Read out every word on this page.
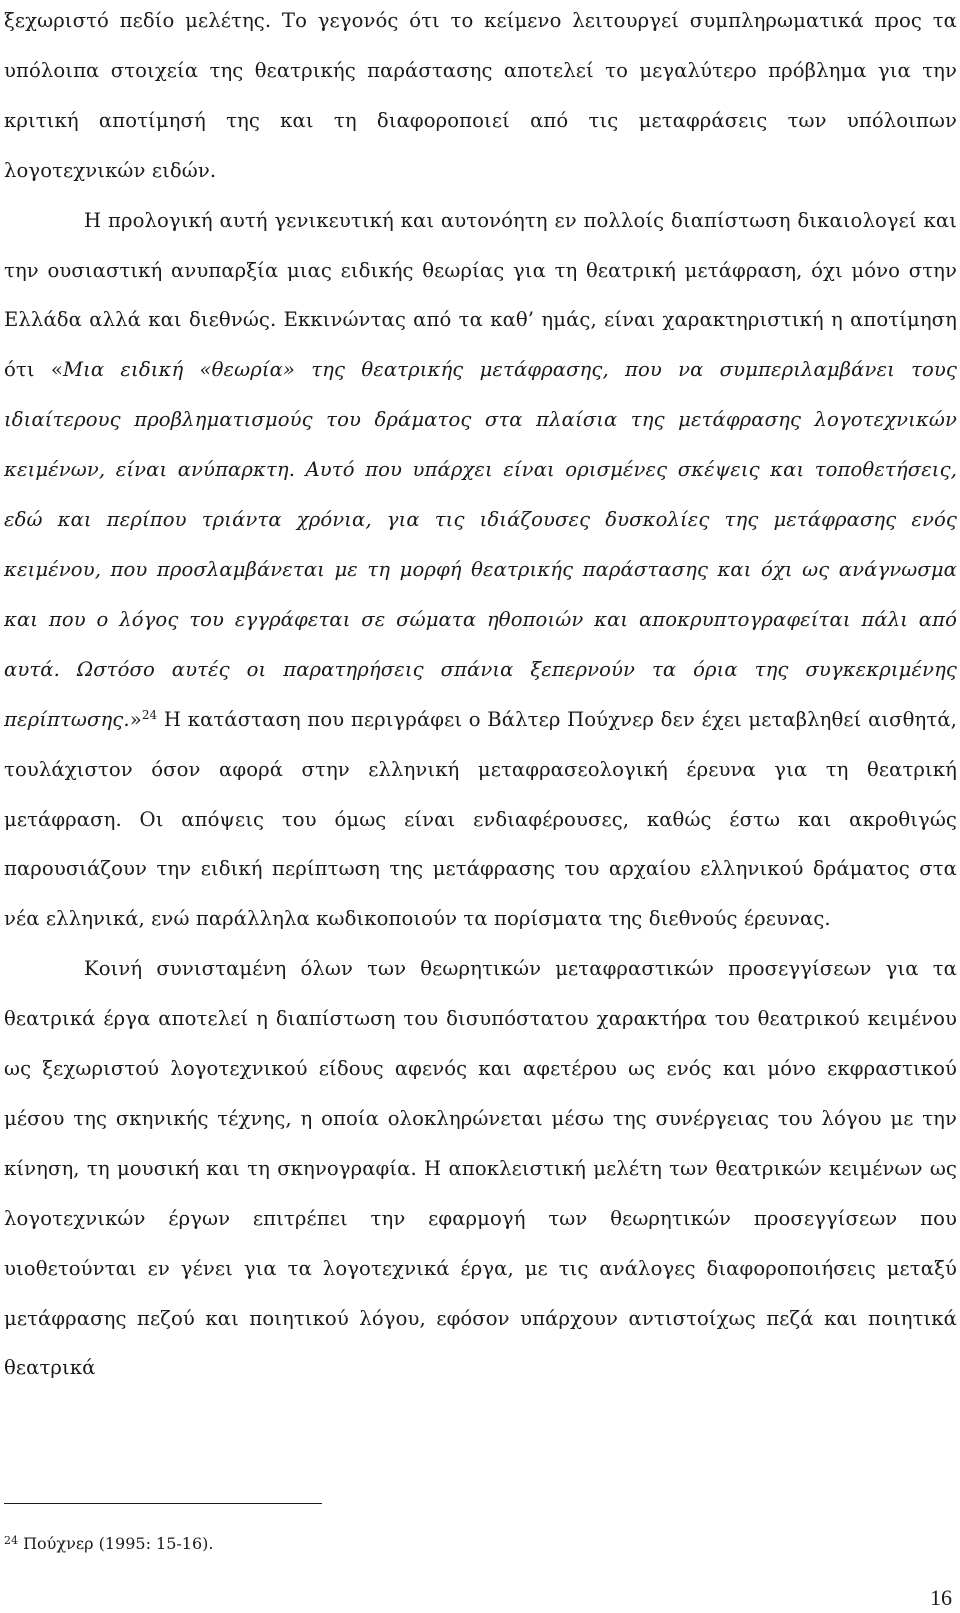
ξεχωριστό πεδίο μελέτης. Το γεγονός ότι το κείμενο λειτουργεί συμπληρωματικά προς τα υπόλοιπα στοιχεία της θεατρικής παράστασης αποτελεί το μεγαλύτερο πρόβλημα για την κριτική αποτίμησή της και τη διαφοροποιεί από τις μεταφράσεις των υπόλοιπων λογοτεχνικών ειδών.

Η προλογική αυτή γενικευτική και αυτονόητη εν πολλοίς διαπίστωση δικαιολογεί και την ουσιαστική ανυπαρξία μιας ειδικής θεωρίας για τη θεατρική μετάφραση, όχι μόνο στην Ελλάδα αλλά και διεθνώς. Εκκινώντας από τα καθ’ ημάς, είναι χαρακτηριστική η αποτίμηση ότι «Μια ειδική «θεωρία» της θεατρικής μετάφρασης, που να συμπεριλαμβάνει τους ιδιαίτερους προβληματισμούς του δράματος στα πλαίσια της μετάφρασης λογοτεχνικών κειμένων, είναι ανύπαρκτη. Αυτό που υπάρχει είναι ορισμένες σκέψεις και τοποθετήσεις, εδώ και περίπου τριάντα χρόνια, για τις ιδιάζουσες δυσκολίες της μετάφρασης ενός κειμένου, που προσλαμβάνεται με τη μορφή θεατρικής παράστασης και όχι ως ανάγνωσμα και που ο λόγος του εγγράφεται σε σώματα ηθοποιών και αποκρυπτογραφείται πάλι από αυτά. Ωστόσο αυτές οι παρατηρήσεις σπάνια ξεπερνούν τα όρια της συγκεκριμένης περίπτωσης.»$^{24}$ Η κατάσταση που περιγράφει ο Βάλτερ Πούχνερ δεν έχει μεταβληθεί αισθητά, τουλάχιστον όσον αφορά στην ελληνική μεταφρασεολογική έρευνα για τη θεατρική μετάφραση. Οι απόψεις του όμως είναι ενδιαφέρουσες, καθώς έστω και ακροθιγώς παρουσιάζουν την ειδική περίπτωση της μετάφρασης του αρχαίου ελληνικού δράματος στα νέα ελληνικά, ενώ παράλληλα κωδικοποιούν τα πορίσματα της διεθνούς έρευνας.

Κοινή συνισταμένη όλων των θεωρητικών μεταφραστικών προσεγγίσεων για τα θεατρικά έργα αποτελεί η διαπίστωση του δισυπόστατου χαρακτήρα του θεατρικού κειμένου ως ξεχωριστού λογοτεχνικού είδους αφενός και αφετέρου ως ενός και μόνο εκφραστικού μέσου της σκηνικής τέχνης, η οποία ολοκληρώνεται μέσω της συνέργειας του λόγου με την κίνηση, τη μουσική και τη σκηνογραφία. Η αποκλειστική μελέτη των θεατρικών κειμένων ως λογοτεχνικών έργων επιτρέπει την εφαρμογή των θεωρητικών προσεγγίσεων που υιοθετούνται εν γένει για τα λογοτεχνικά έργα, με τις ανάλογες διαφοροποιήσεις μεταξύ μετάφρασης πεζού και ποιητικού λόγου, εφόσον υπάρχουν αντιστοίχως πεζά και ποιητικά θεατρικά

$^{24}$ Πούχνερ (1995: 15-16).
16
